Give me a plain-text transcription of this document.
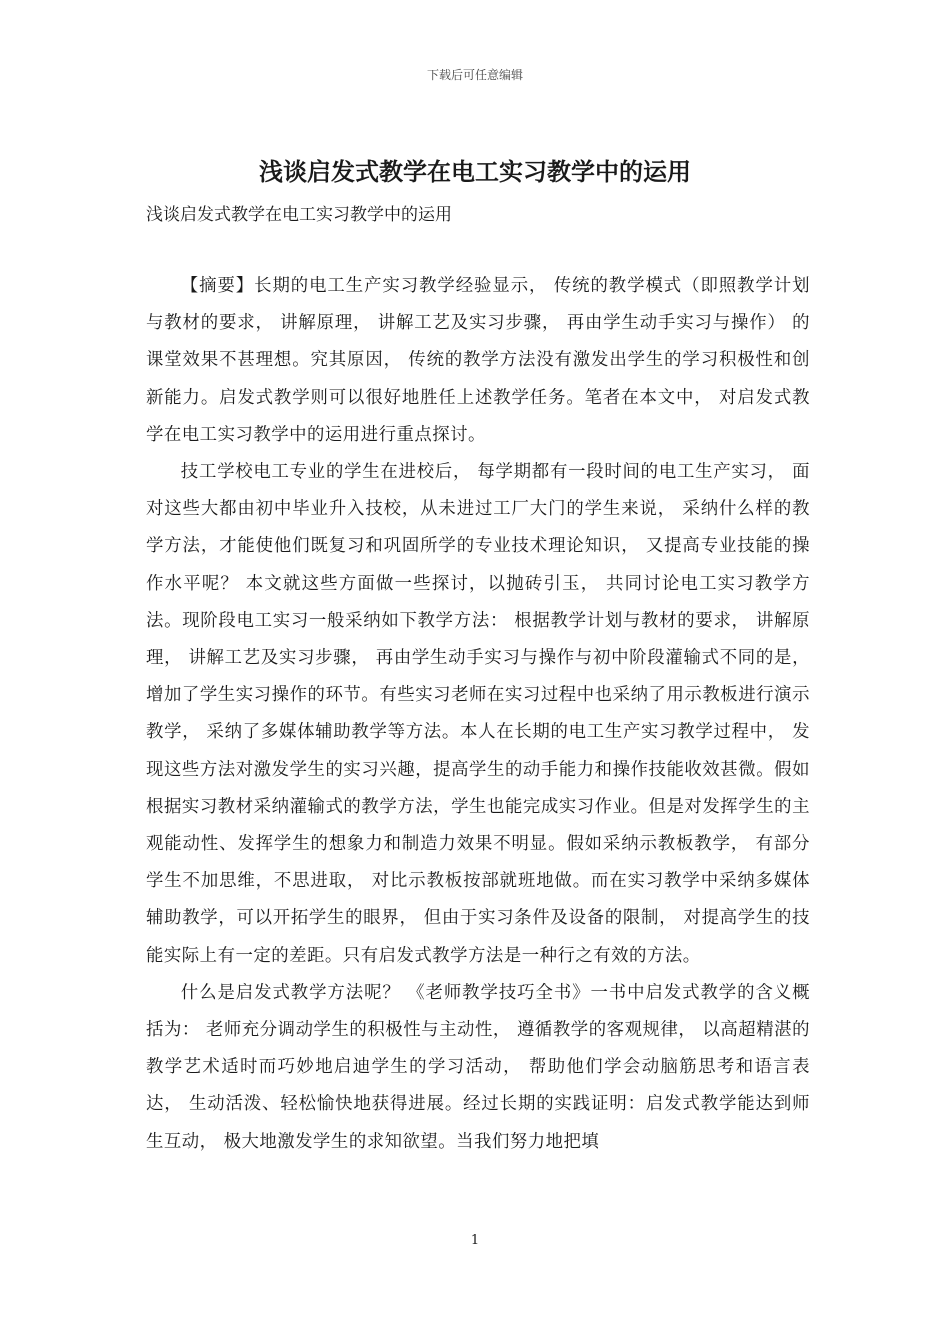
下载后可任意编辑
浅谈启发式教学在电工实习教学中的运用

浅谈启发式教学在电工实习教学中的运用

【摘要】长期的电工生产实习教学经验显示， 传统的教学模式（即照教学计划与教材的要求， 讲解原理， 讲解工艺及实习步骤， 再由学生动手实习与操作） 的课堂效果不甚理想。究其原因， 传统的教学方法没有激发出学生的学习积极性和创新能力。启发式教学则可以很好地胜任上述教学任务。笔者在本文中， 对启发式教学在电工实习教学中的运用进行重点探讨。

技工学校电工专业的学生在进校后， 每学期都有一段时间的电工生产实习， 面对这些大都由初中毕业升入技校，从未进过工厂大门的学生来说， 采纳什么样的教学方法，才能使他们既复习和巩固所学的专业技术理论知识， 又提高专业技能的操作水平呢？ 本文就这些方面做一些探讨，以抛砖引玉， 共同讨论电工实习教学方法。现阶段电工实习一般采纳如下教学方法： 根据教学计划与教材的要求， 讲解原理， 讲解工艺及实习步骤， 再由学生动手实习与操作与初中阶段灌输式不同的是， 增加了学生实习操作的环节。有些实习老师在实习过程中也采纳了用示教板进行演示教学， 采纳了多媒体辅助教学等方法。本人在长期的电工生产实习教学过程中， 发现这些方法对激发学生的实习兴趣，提高学生的动手能力和操作技能收效甚微。假如根据实习教材采纳灌输式的教学方法，学生也能完成实习作业。但是对发挥学生的主观能动性、发挥学生的想象力和制造力效果不明显。假如采纳示教板教学， 有部分学生不加思维，不思进取， 对比示教板按部就班地做。而在实习教学中采纳多媒体辅助教学，可以开拓学生的眼界， 但由于实习条件及设备的限制， 对提高学生的技能实际上有一定的差距。只有启发式教学方法是一种行之有效的方法。

什么是启发式教学方法呢？ 《老师教学技巧全书》一书中启发式教学的含义概括为： 老师充分调动学生的积极性与主动性， 遵循教学的客观规律， 以高超精湛的教学艺术适时而巧妙地启迪学生的学习活动， 帮助他们学会动脑筋思考和语言表达， 生动活泼、轻松愉快地获得进展。经过长期的实践证明：启发式教学能达到师生互动， 极大地激发学生的求知欲望。当我们努力地把填

1
